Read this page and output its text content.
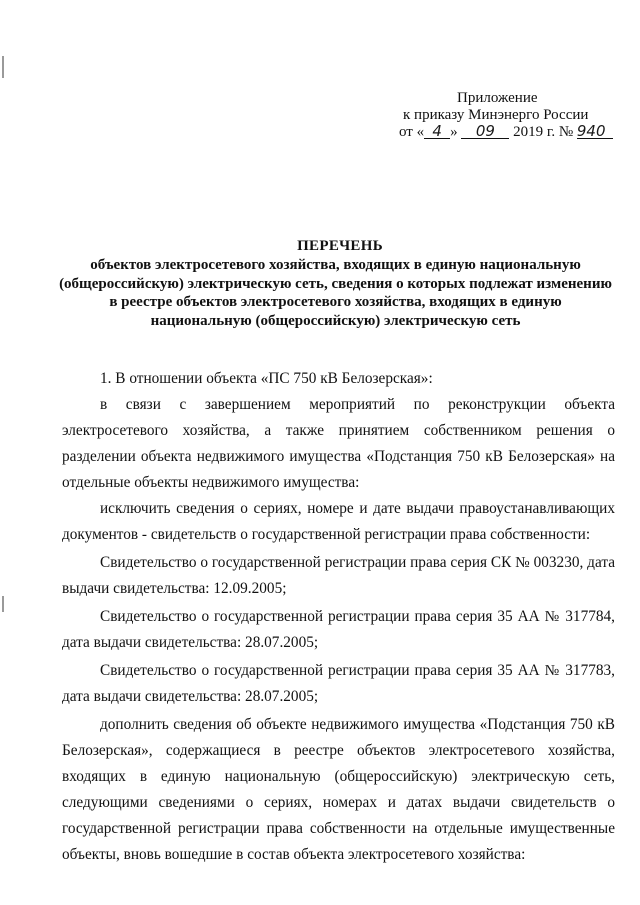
Приложение
к приказу Минэнерго России
от « 4 » 09 2019 г. № 940
ПЕРЕЧЕНЬ
объектов электросетевого хозяйства, входящих в единую национальную (общероссийскую) электрическую сеть, сведения о которых подлежат изменению в реестре объектов электросетевого хозяйства, входящих в единую национальную (общероссийскую) электрическую сеть

1. В отношении объекта «ПС 750 кВ Белозерская»:

в связи с завершением мероприятий по реконструкции объекта электросетевого хозяйства, а также принятием собственником решения о разделении объекта недвижимого имущества «Подстанция 750 кВ Белозерская» на отдельные объекты недвижимого имущества:

исключить сведения о сериях, номере и дате выдачи правоустанавливающих документов - свидетельств о государственной регистрации права собственности:

Свидетельство о государственной регистрации права серия СК № 003230, дата выдачи свидетельства: 12.09.2005;

Свидетельство о государственной регистрации права серия 35 АА № 317784, дата выдачи свидетельства: 28.07.2005;

Свидетельство о государственной регистрации права серия 35 АА № 317783, дата выдачи свидетельства: 28.07.2005;

дополнить сведения об объекте недвижимого имущества «Подстанция 750 кВ Белозерская», содержащиеся в реестре объектов электросетевого хозяйства, входящих в единую национальную (общероссийскую) электрическую сеть, следующими сведениями о сериях, номерах и датах выдачи свидетельств о государственной регистрации права собственности на отдельные имущественные объекты, вновь вошедшие в состав объекта электросетевого хозяйства:
